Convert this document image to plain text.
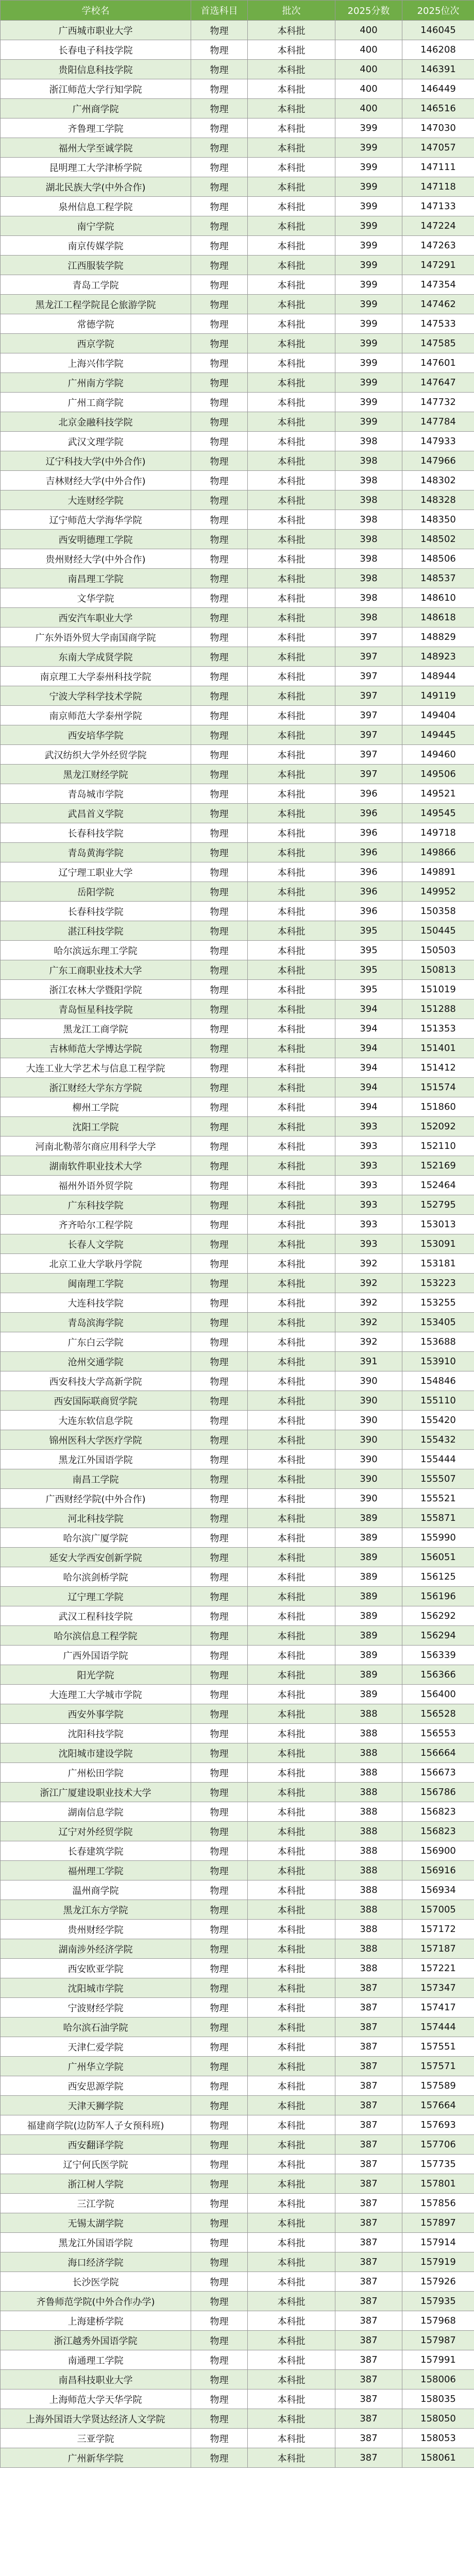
学校名	首选科目	批次	2025分数	2025位次
广西城市职业大学	物理	本科批	400	146045
长春电子科技学院	物理	本科批	400	146208
贵阳信息科技学院	物理	本科批	400	146391
浙江师范大学行知学院	物理	本科批	400	146449
广州商学院	物理	本科批	400	146516
齐鲁理工学院	物理	本科批	399	147030
福州大学至诚学院	物理	本科批	399	147057
昆明理工大学津桥学院	物理	本科批	399	147111
湖北民族大学(中外合作)	物理	本科批	399	147118
泉州信息工程学院	物理	本科批	399	147133
南宁学院	物理	本科批	399	147224
南京传媒学院	物理	本科批	399	147263
江西服装学院	物理	本科批	399	147291
青岛工学院	物理	本科批	399	147354
黑龙江工程学院昆仑旅游学院	物理	本科批	399	147462
常德学院	物理	本科批	399	147533
西京学院	物理	本科批	399	147585
上海兴伟学院	物理	本科批	399	147601
广州南方学院	物理	本科批	399	147647
广州工商学院	物理	本科批	399	147732
北京金融科技学院	物理	本科批	399	147784
武汉文理学院	物理	本科批	398	147933
辽宁科技大学(中外合作)	物理	本科批	398	147966
吉林财经大学(中外合作)	物理	本科批	398	148302
大连财经学院	物理	本科批	398	148328
辽宁师范大学海华学院	物理	本科批	398	148350
西安明德理工学院	物理	本科批	398	148502
贵州财经大学(中外合作)	物理	本科批	398	148506
南昌理工学院	物理	本科批	398	148537
文华学院	物理	本科批	398	148610
西安汽车职业大学	物理	本科批	398	148618
广东外语外贸大学南国商学院	物理	本科批	397	148829
东南大学成贤学院	物理	本科批	397	148923
南京理工大学泰州科技学院	物理	本科批	397	148944
宁波大学科学技术学院	物理	本科批	397	149119
南京师范大学泰州学院	物理	本科批	397	149404
西安培华学院	物理	本科批	397	149445
武汉纺织大学外经贸学院	物理	本科批	397	149460
黑龙江财经学院	物理	本科批	397	149506
青岛城市学院	物理	本科批	396	149521
武昌首义学院	物理	本科批	396	149545
长春科技学院	物理	本科批	396	149718
青岛黄海学院	物理	本科批	396	149866
辽宁理工职业大学	物理	本科批	396	149891
岳阳学院	物理	本科批	396	149952
长春科技学院	物理	本科批	396	150358
湛江科技学院	物理	本科批	395	150445
哈尔滨远东理工学院	物理	本科批	395	150503
广东工商职业技术大学	物理	本科批	395	150813
浙江农林大学暨阳学院	物理	本科批	395	151019
青岛恒星科技学院	物理	本科批	394	151288
黑龙江工商学院	物理	本科批	394	151353
吉林师范大学博达学院	物理	本科批	394	151401
大连工业大学艺术与信息工程学院	物理	本科批	394	151412
浙江财经大学东方学院	物理	本科批	394	151574
柳州工学院	物理	本科批	394	151860
沈阳工学院	物理	本科批	393	152092
河南北勒蒂尔商应用科学大学	物理	本科批	393	152110
湖南软件职业技术大学	物理	本科批	393	152169
福州外语外贸学院	物理	本科批	393	152464
广东科技学院	物理	本科批	393	152795
齐齐哈尔工程学院	物理	本科批	393	153013
长春人文学院	物理	本科批	393	153091
北京工业大学耿丹学院	物理	本科批	392	153181
闽南理工学院	物理	本科批	392	153223
大连科技学院	物理	本科批	392	153255
青岛滨海学院	物理	本科批	392	153405
广东白云学院	物理	本科批	392	153688
沧州交通学院	物理	本科批	391	153910
西安科技大学高新学院	物理	本科批	390	154846
西安国际联商贸学院	物理	本科批	390	155110
大连东软信息学院	物理	本科批	390	155420
锦州医科大学医疗学院	物理	本科批	390	155432
黑龙江外国语学院	物理	本科批	390	155444
南昌工学院	物理	本科批	390	155507
广西财经学院(中外合作)	物理	本科批	390	155521
河北科技学院	物理	本科批	389	155871
哈尔滨广厦学院	物理	本科批	389	155990
延安大学西安创新学院	物理	本科批	389	156051
哈尔滨剑桥学院	物理	本科批	389	156125
辽宁理工学院	物理	本科批	389	156196
武汉工程科技学院	物理	本科批	389	156292
哈尔滨信息工程学院	物理	本科批	389	156294
广西外国语学院	物理	本科批	389	156339
阳光学院	物理	本科批	389	156366
大连理工大学城市学院	物理	本科批	389	156400
西安外事学院	物理	本科批	388	156528
沈阳科技学院	物理	本科批	388	156553
沈阳城市建设学院	物理	本科批	388	156664
广州松田学院	物理	本科批	388	156673
浙江广厦建设职业技术大学	物理	本科批	388	156786
湖南信息学院	物理	本科批	388	156823
辽宁对外经贸学院	物理	本科批	388	156823
长春建筑学院	物理	本科批	388	156900
福州理工学院	物理	本科批	388	156916
温州商学院	物理	本科批	388	156934
黑龙江东方学院	物理	本科批	388	157005
贵州财经学院	物理	本科批	388	157172
湖南涉外经济学院	物理	本科批	388	157187
西安欧亚学院	物理	本科批	388	157221
沈阳城市学院	物理	本科批	387	157347
宁波财经学院	物理	本科批	387	157417
哈尔滨石油学院	物理	本科批	387	157444
天津仁爱学院	物理	本科批	387	157551
广州华立学院	物理	本科批	387	157571
西安思源学院	物理	本科批	387	157589
天津天狮学院	物理	本科批	387	157664
福建商学院(边防军人子女预科班)	物理	本科批	387	157693
西安翻译学院	物理	本科批	387	157706
辽宁何氏医学院	物理	本科批	387	157735
浙江树人学院	物理	本科批	387	157801
三江学院	物理	本科批	387	157856
无锡太湖学院	物理	本科批	387	157897
黑龙江外国语学院	物理	本科批	387	157914
海口经济学院	物理	本科批	387	157919
长沙医学院	物理	本科批	387	157926
齐鲁师范学院(中外合作办学)	物理	本科批	387	157935
上海建桥学院	物理	本科批	387	157968
浙江越秀外国语学院	物理	本科批	387	157987
南通理工学院	物理	本科批	387	157991
南昌科技职业大学	物理	本科批	387	158006
上海师范大学天华学院	物理	本科批	387	158035
上海外国语大学贤达经济人文学院	物理	本科批	387	158050
三亚学院	物理	本科批	387	158053
广州新华学院	物理	本科批	387	158061
